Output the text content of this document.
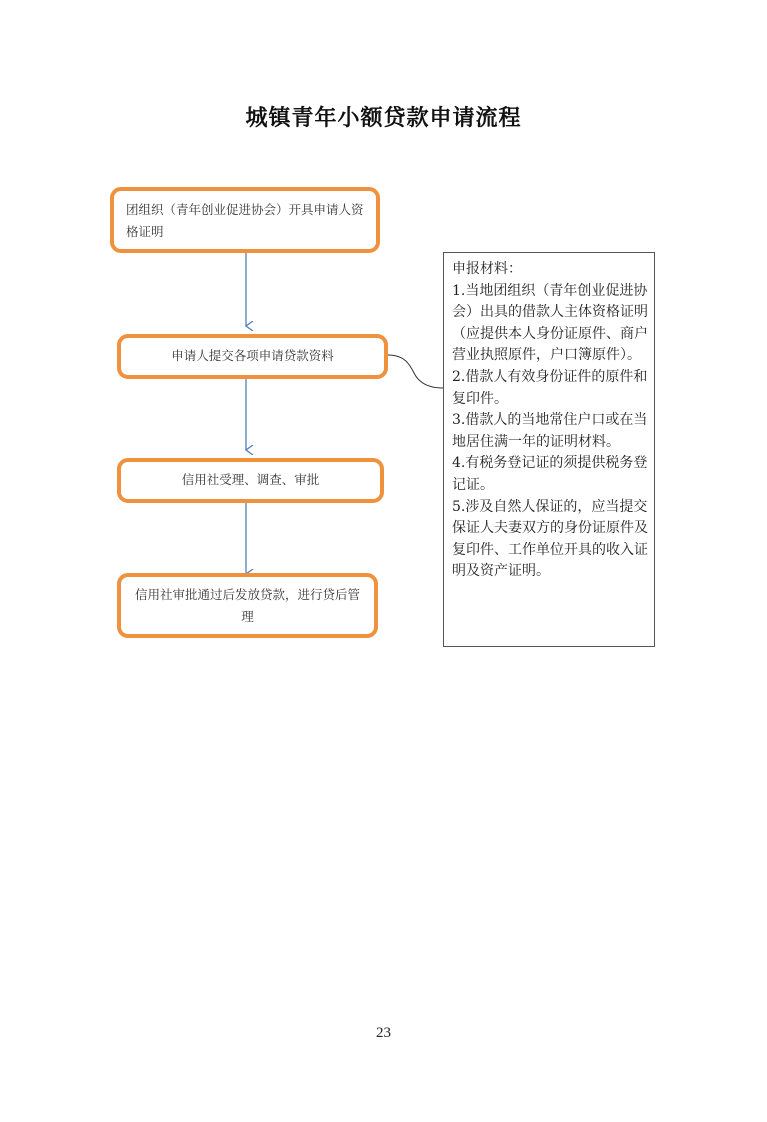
城镇青年小额贷款申请流程
团组织（青年创业促进协会）开具申请人资格证明
申请人提交各项申请贷款资料
信用社受理、调查、审批
信用社审批通过后发放贷款，进行贷后管理

申报材料：

1.当地团组织（青年创业促进协会）出具的借款人主体资格证明（应提供本人身份证原件、商户营业执照原件，户口簿原件）。

2.借款人有效身份证件的原件和复印件。

3.借款人的当地常住户口或在当地居住满一年的证明材料。

4.有税务登记证的须提供税务登记证。

5.涉及自然人保证的，应当提交保证人夫妻双方的身份证原件及复印件、工作单位开具的收入证明及资产证明。

23
